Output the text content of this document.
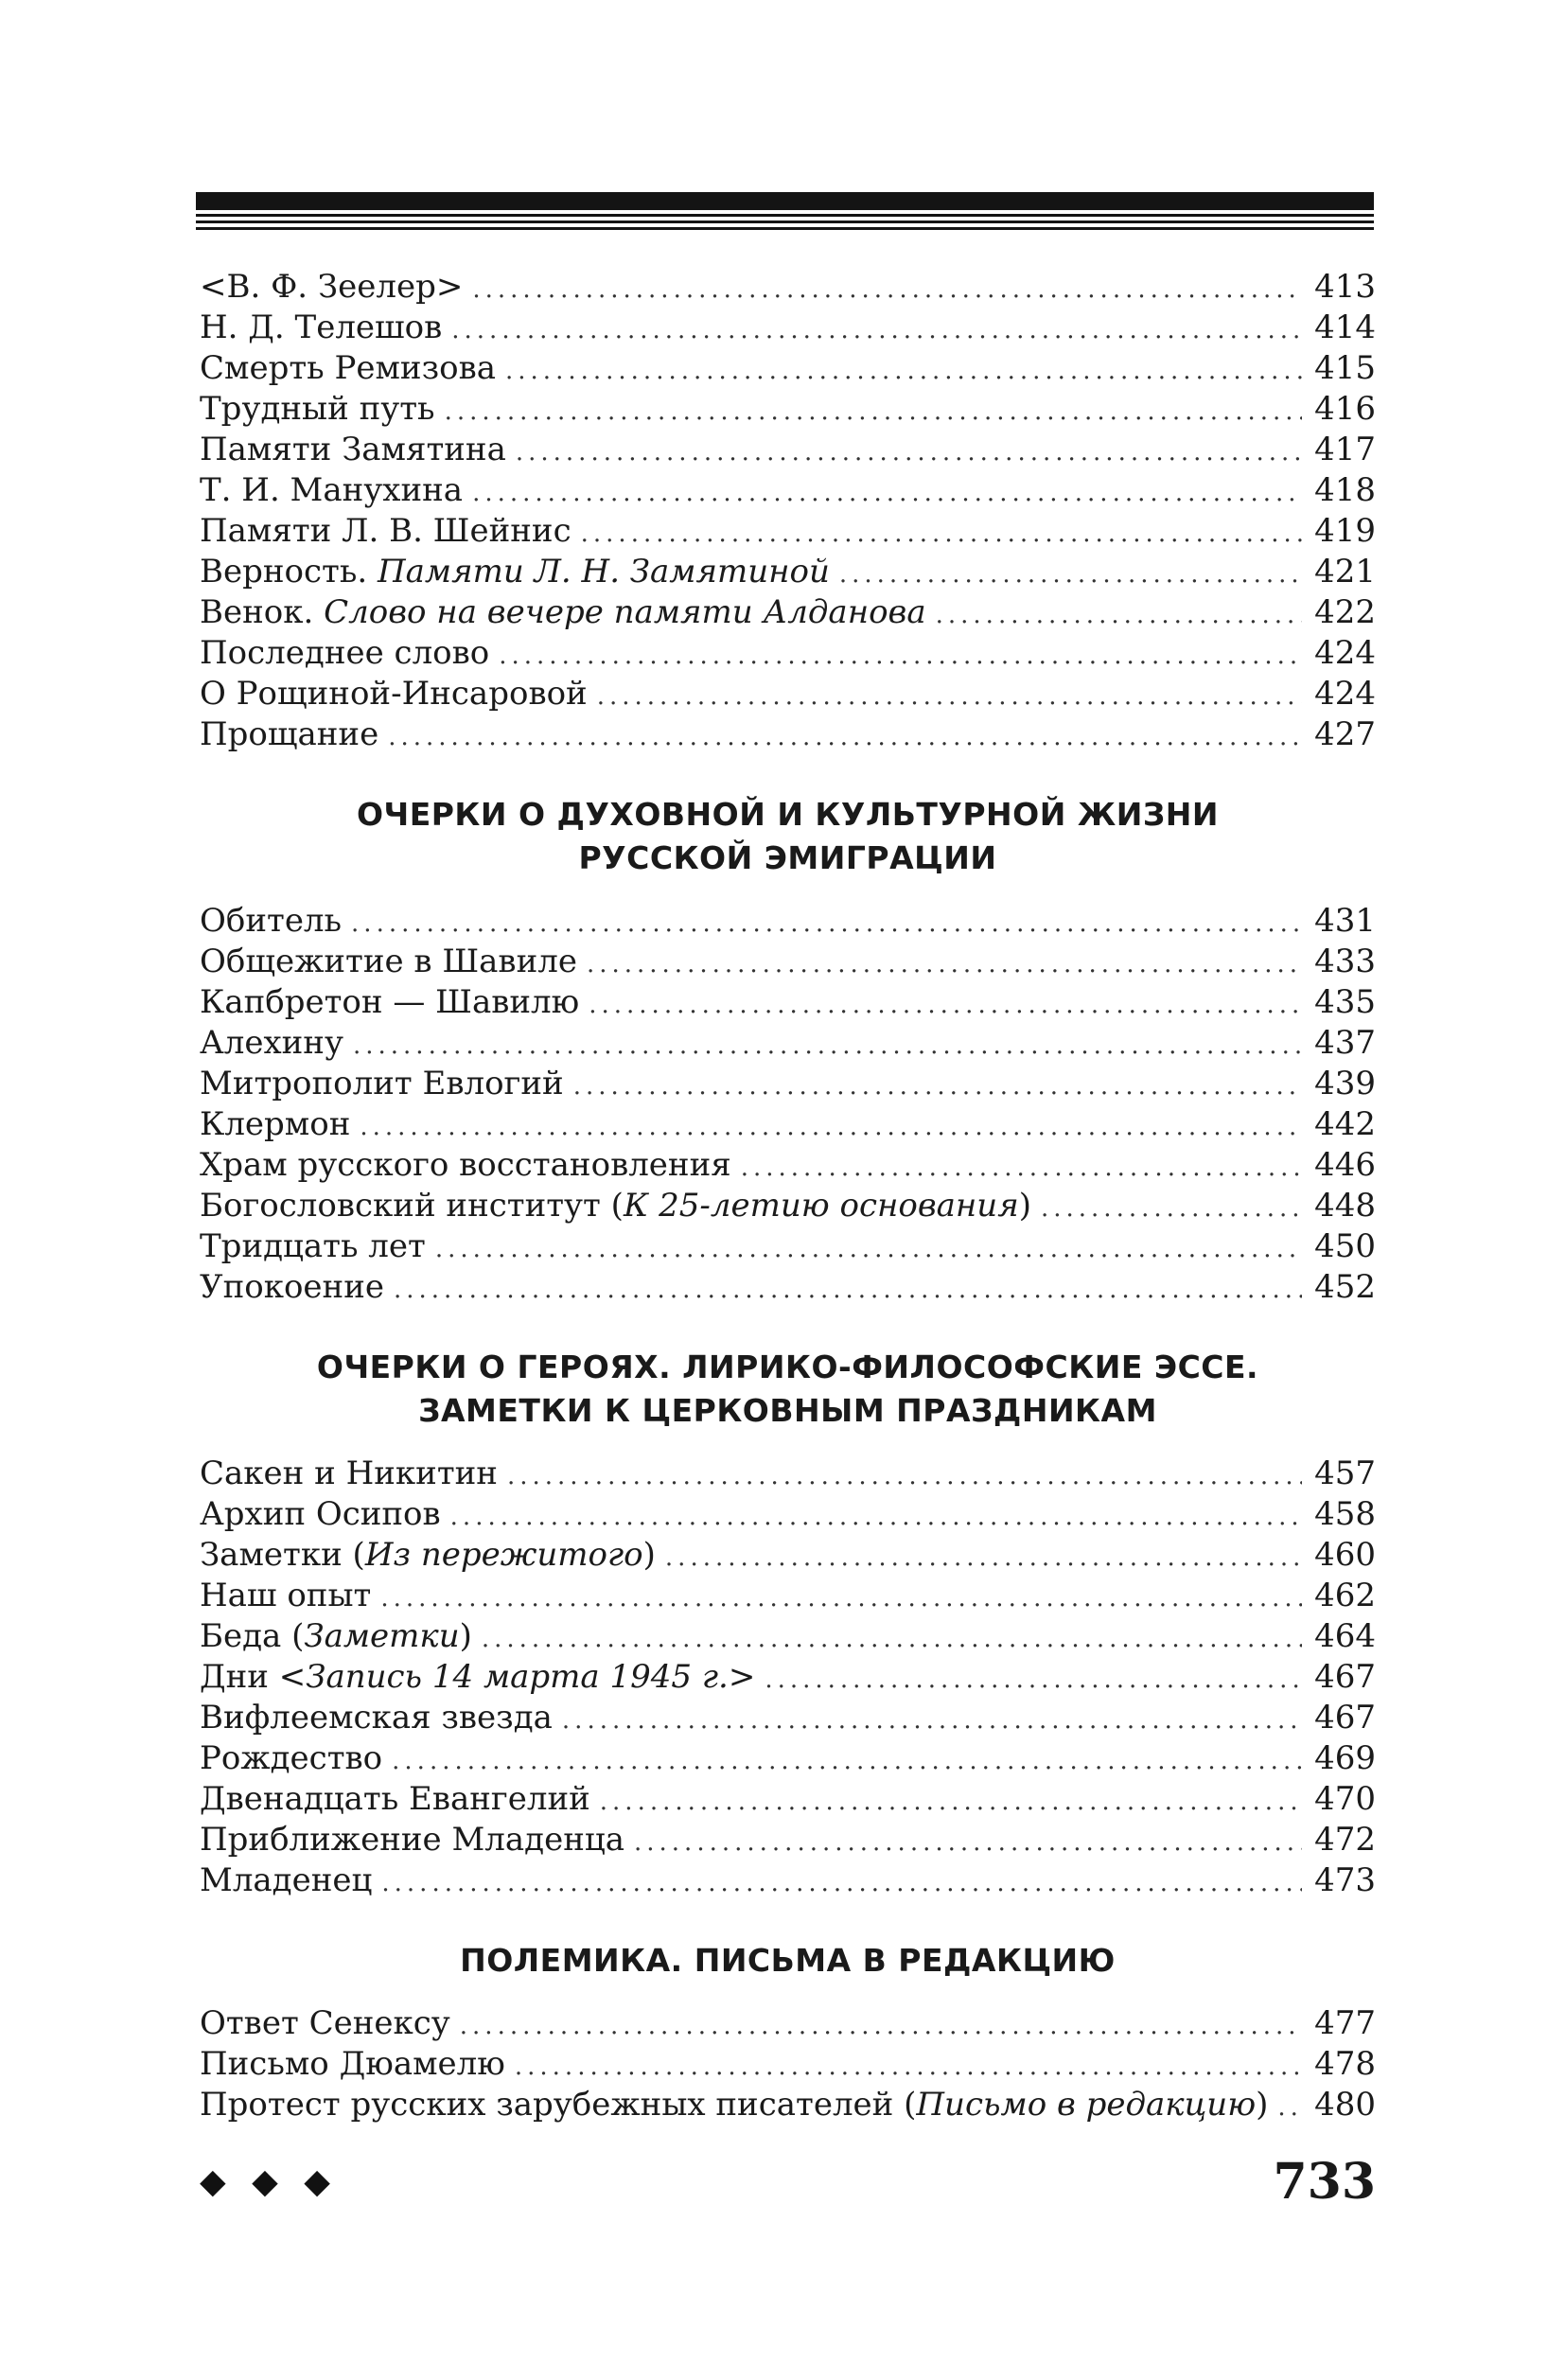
<В. Ф. Зеелер> .....	413
Н. Д. Телешов .....	414
Смерть Ремизова .....	415
Трудный путь .....	416
Памяти Замятина .....	417
Т. И. Манухина .....	418
Памяти Л. В. Шейнис .....	419
Верность. Памяти Л. Н. Замятиной .....	421
Венок. Слово на вечере памяти Алданова .....	422
Последнее слово .....	424
О Рощиной-Инсаровой .....	424
Прощание .....	427
ОЧЕРКИ О ДУХОВНОЙ И КУЛЬТУРНОЙ ЖИЗНИ
РУССКОЙ ЭМИГРАЦИИ
Обитель .....	431
Общежитие в Шавиле .....	433
Капбретон — Шавилю .....	435
Алехину .....	437
Митрополит Евлогий .....	439
Клермон .....	442
Храм русского восстановления .....	446
Богословский институт (К 25-летию основания) .....	448
Тридцать лет .....	450
Упокоение .....	452
ОЧЕРКИ О ГЕРОЯХ. ЛИРИКО-ФИЛОСОФСКИЕ ЭССЕ.
ЗАМЕТКИ К ЦЕРКОВНЫМ ПРАЗДНИКАМ
Сакен и Никитин .....	457
Архип Осипов .....	458
Заметки (Из пережитого) .....	460
Наш опыт .....	462
Беда (Заметки) .....	464
Дни <Запись 14 марта 1945 г.> .....	467
Вифлеемская звезда .....	467
Рождество .....	469
Двенадцать Евангелий .....	470
Приближение Младенца .....	472
Младенец .....	473
ПОЛЕМИКА. ПИСЬМА В РЕДАКЦИЮ
Ответ Сенексу .....	477
Письмо Дюамелю .....	478
Протест русских зарубежных писателей (Письмо в редакцию) .....	480
◆ ◆ ◆	733
